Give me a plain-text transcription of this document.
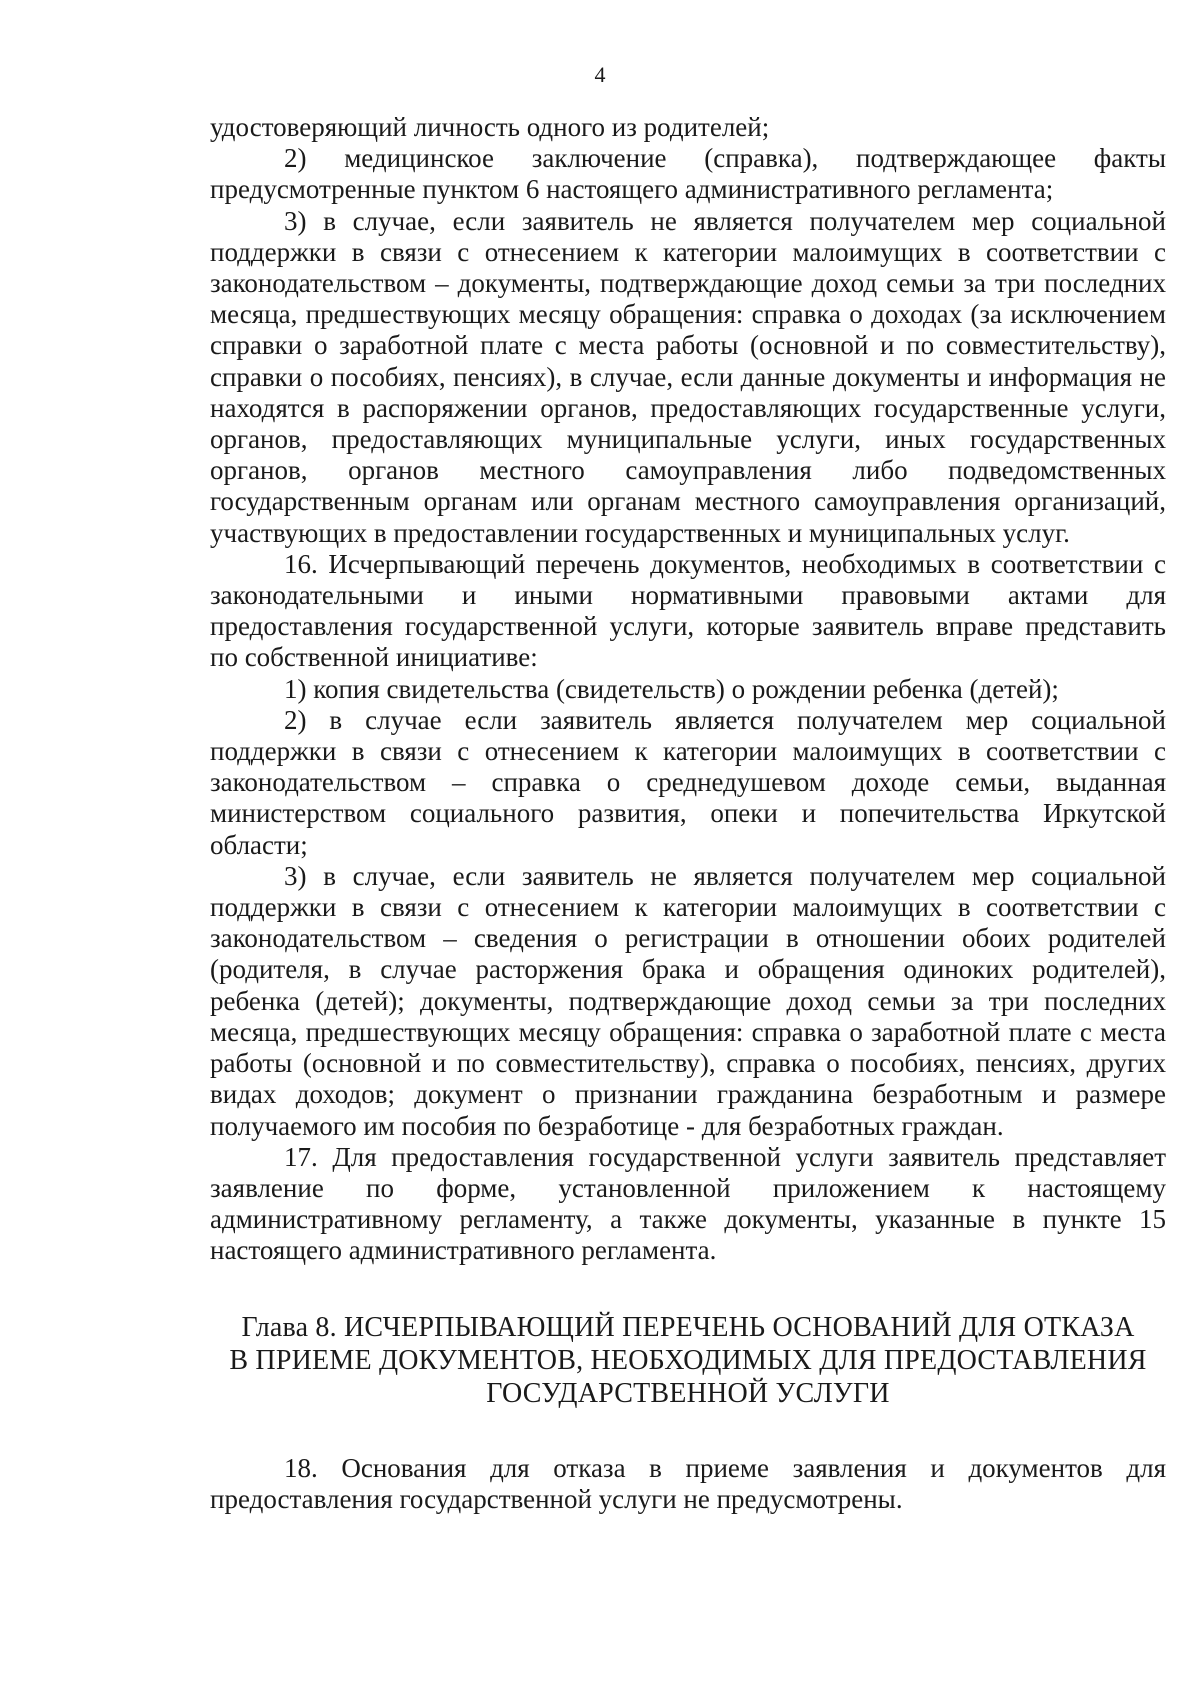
4

удостоверяющий личность одного из родителей;

2) медицинское заключение (справка), подтверждающее факты предусмотренные пунктом 6 настоящего административного регламента;

3) в случае, если заявитель не является получателем мер социальной поддержки в связи с отнесением к категории малоимущих в соответствии с законодательством – документы, подтверждающие доход семьи за три последних месяца, предшествующих месяцу обращения: справка о доходах (за исключением справки о заработной плате с места работы (основной и по совместительству), справки о пособиях, пенсиях), в случае, если данные документы и информация не находятся в распоряжении органов, предоставляющих государственные услуги, органов, предоставляющих муниципальные услуги, иных государственных органов, органов местного самоуправления либо подведомственных государственным органам или органам местного самоуправления организаций, участвующих в предоставлении государственных и муниципальных услуг.

16. Исчерпывающий перечень документов, необходимых в соответствии с законодательными и иными нормативными правовыми актами для предоставления государственной услуги, которые заявитель вправе представить по собственной инициативе:

1) копия свидетельства (свидетельств) о рождении ребенка (детей);

2) в случае если заявитель является получателем мер социальной поддержки в связи с отнесением к категории малоимущих в соответствии с законодательством – справка о среднедушевом доходе семьи, выданная министерством социального развития, опеки и попечительства Иркутской области;

3) в случае, если заявитель не является получателем мер социальной поддержки в связи с отнесением к категории малоимущих в соответствии с законодательством – сведения о регистрации в отношении обоих родителей (родителя, в случае расторжения брака и обращения одиноких родителей), ребенка (детей); документы, подтверждающие доход семьи за три последних месяца, предшествующих месяцу обращения: справка о заработной плате с места работы (основной и по совместительству), справка о пособиях, пенсиях, других видах доходов; документ о признании гражданина безработным и размере получаемого им пособия по безработице - для безработных граждан.

17. Для предоставления государственной услуги заявитель представляет заявление по форме, установленной приложением к настоящему административному регламенту, а также документы, указанные в пункте 15 настоящего административного регламента.

Глава 8. ИСЧЕРПЫВАЮЩИЙ ПЕРЕЧЕНЬ ОСНОВАНИЙ ДЛЯ ОТКАЗА
В ПРИЕМЕ ДОКУМЕНТОВ, НЕОБХОДИМЫХ ДЛЯ ПРЕДОСТАВЛЕНИЯ
ГОСУДАРСТВЕННОЙ УСЛУГИ

18. Основания для отказа в приеме заявления и документов для предоставления государственной услуги не предусмотрены.
